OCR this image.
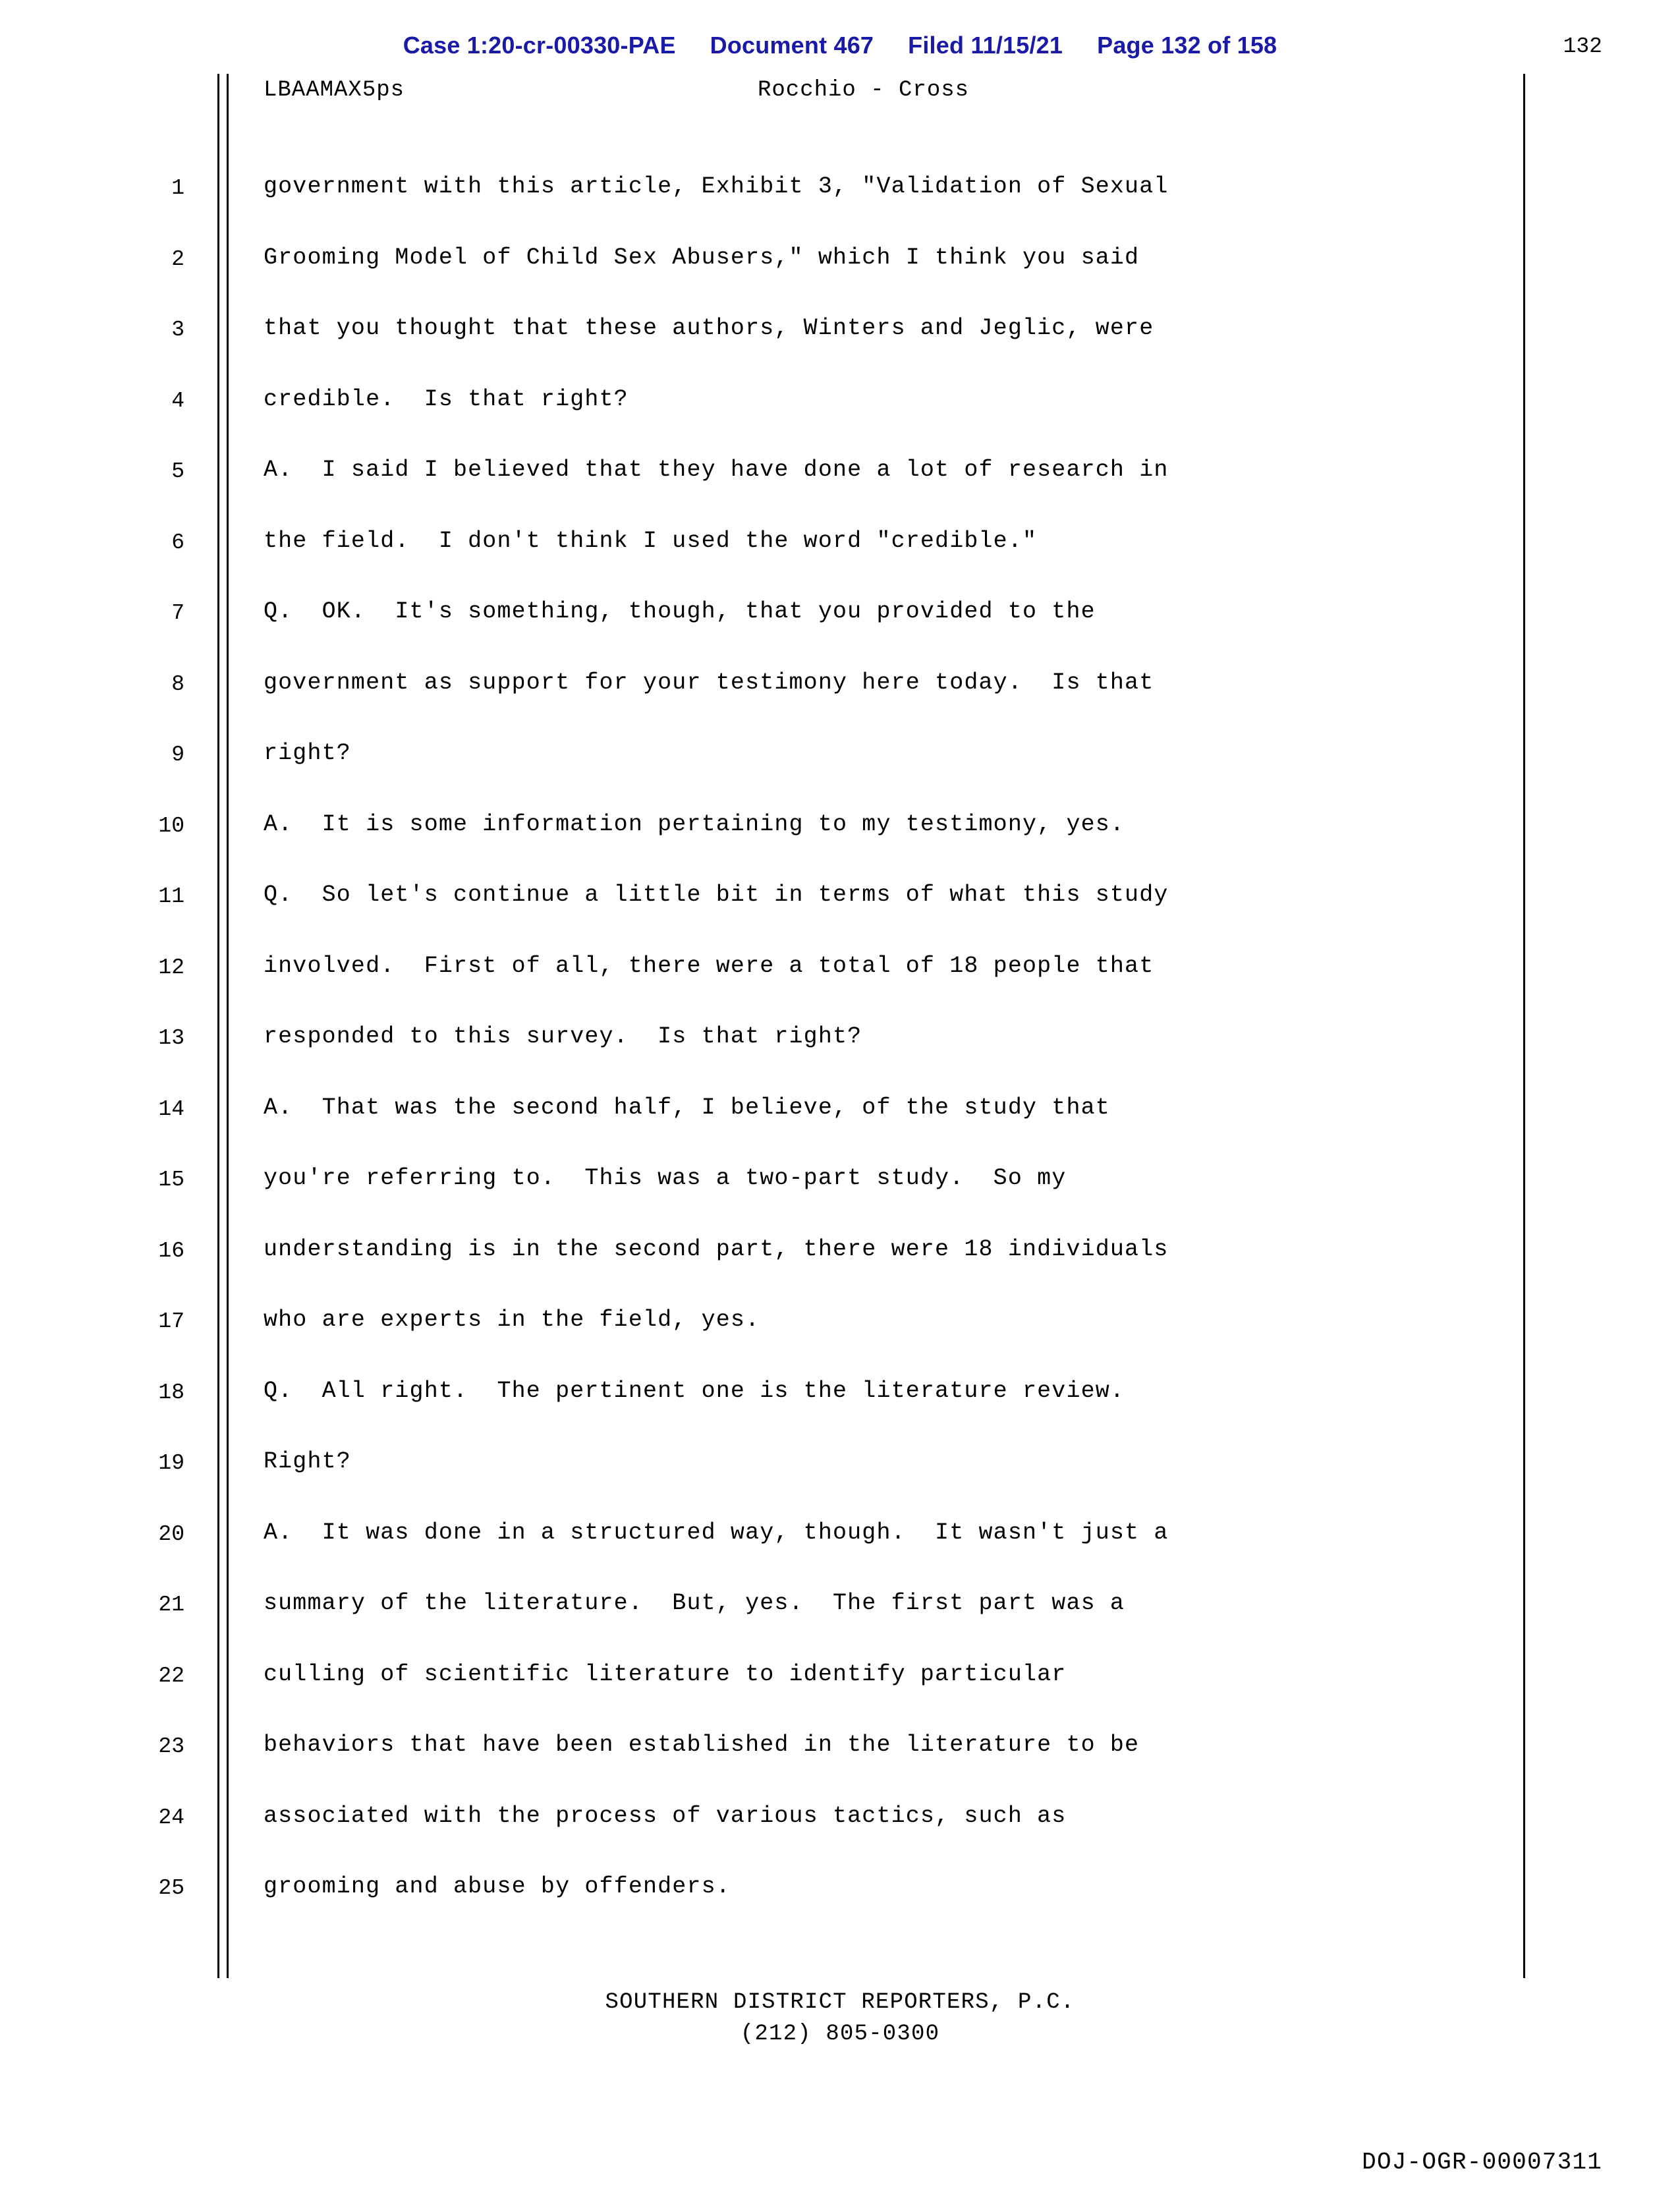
Case 1:20-cr-00330-PAE Document 467 Filed 11/15/21 Page 132 of 158	132
LBAAMAX5ps	Rocchio - Cross
1	government with this article, Exhibit 3, "Validation of Sexual
2	Grooming Model of Child Sex Abusers," which I think you said
3	that you thought that these authors, Winters and Jeglic, were
4	credible.  Is that right?
5	A.  I said I believed that they have done a lot of research in
6	the field.  I don't think I used the word "credible."
7	Q.  OK.  It's something, though, that you provided to the
8	government as support for your testimony here today.  Is that
9	right?
10	A.  It is some information pertaining to my testimony, yes.
11	Q.  So let's continue a little bit in terms of what this study
12	involved.  First of all, there were a total of 18 people that
13	responded to this survey.  Is that right?
14	A.  That was the second half, I believe, of the study that
15	you're referring to.  This was a two-part study.  So my
16	understanding is in the second part, there were 18 individuals
17	who are experts in the field, yes.
18	Q.  All right.  The pertinent one is the literature review.
19	Right?
20	A.  It was done in a structured way, though.  It wasn't just a
21	summary of the literature.  But, yes.  The first part was a
22	culling of scientific literature to identify particular
23	behaviors that have been established in the literature to be
24	associated with the process of various tactics, such as
25	grooming and abuse by offenders.
SOUTHERN DISTRICT REPORTERS, P.C.
(212) 805-0300
DOJ-OGR-00007311
